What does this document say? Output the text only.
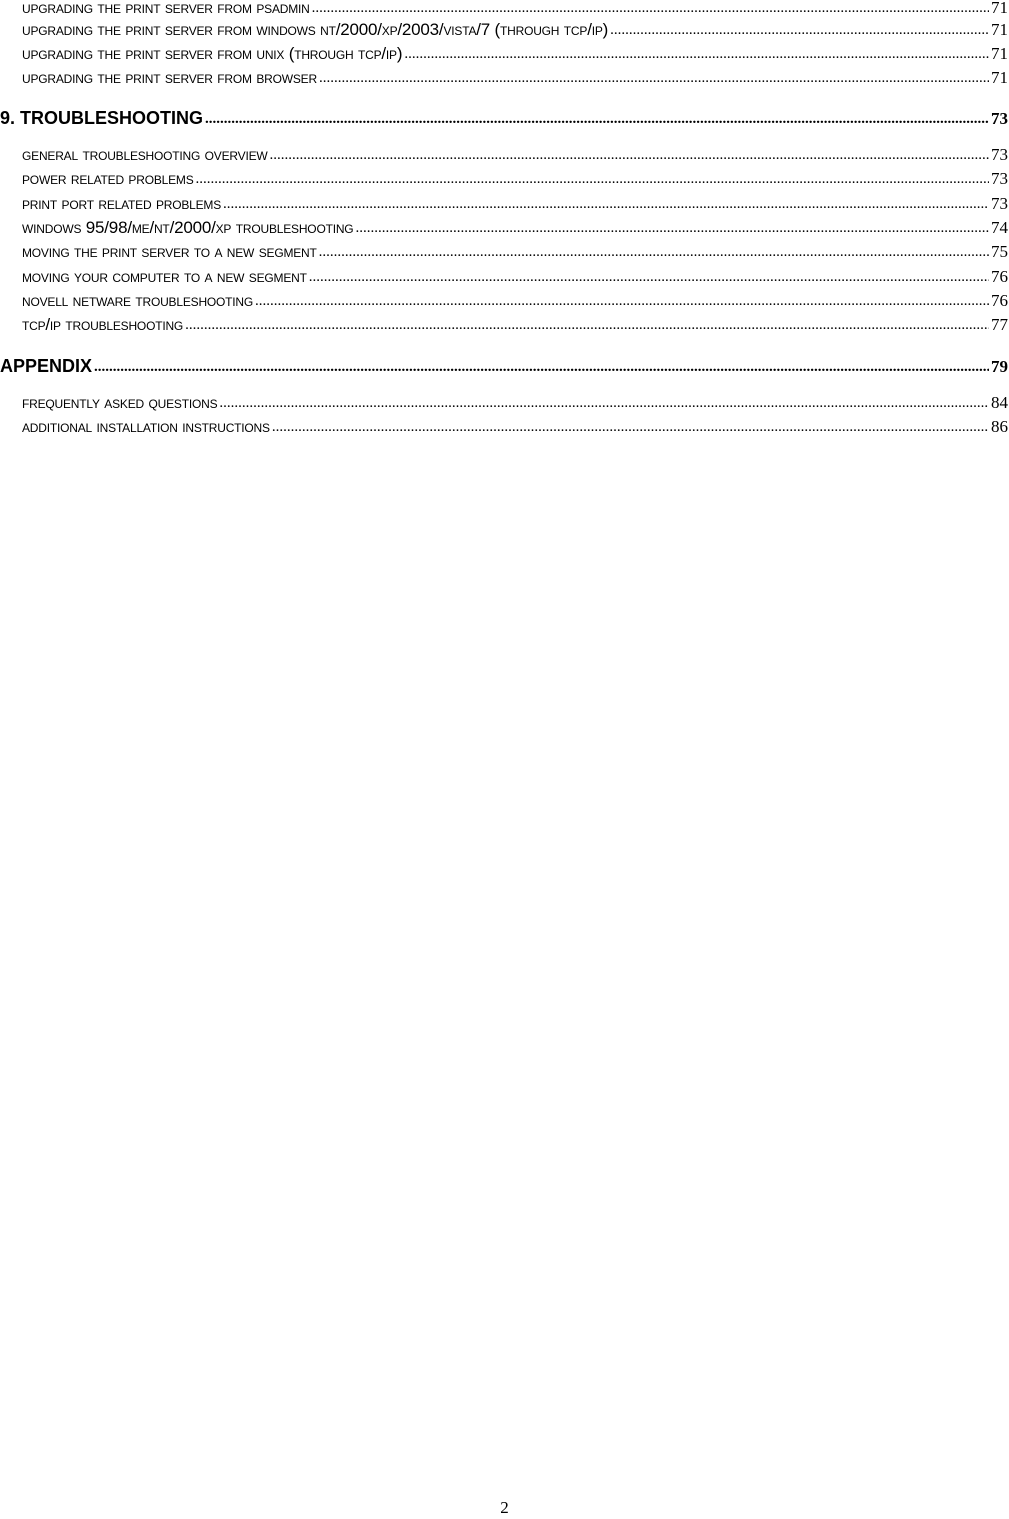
upgrading the print server from psadmin .....	71
upgrading the print server from windows nt/2000/xp/2003/vista/7 (through tcp/ip) .....	71
upgrading the print server from unix (through tcp/ip) .....	71
upgrading the print server from browser .....	71
9. TROUBLESHOOTING .....	73
general troubleshooting overview .....	73
power related problems .....	73
print port related problems .....	73
windows 95/98/me/nt/2000/xp troubleshooting .....	74
moving the print server to a new segment .....	75
moving your computer to a new segment .....	76
novell netware troubleshooting .....	76
tcp/ip troubleshooting .....	77
APPENDIX .....	79
frequently asked questions .....	84
additional installation instructions .....	86
2
